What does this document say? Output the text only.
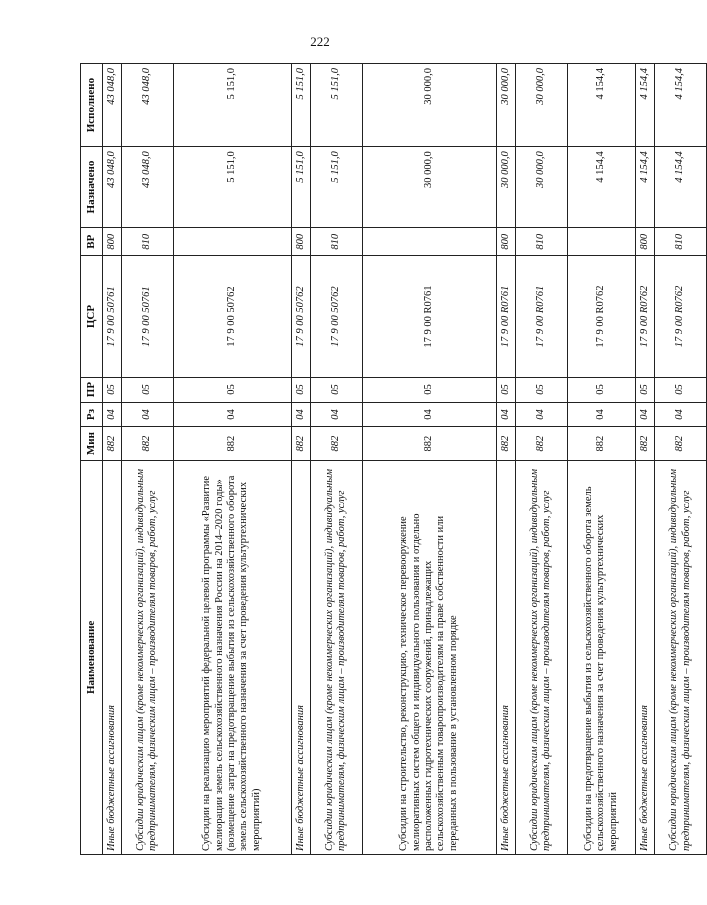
222
Наименование	Мин	Рз	ПР	ЦСР	ВР	Назначено	Исполнено
Иные бюджетные ассигнования	882	04	05	17 9 00 50761	800	43 048,0	43 048,0
Субсидии юридическим лицам (кроме некоммерческих организаций), индивидуальным предпринимателям, физическим лицам – производителям товаров, работ, услуг	882	04	05	17 9 00 50761	810	43 048,0	43 048,0
Субсидии на реализацию мероприятий федеральной целевой программы «Развитие мелиорации земель сельскохозяйственного назначения России на 2014–2020 годы» (возмещение затрат на предотвращение выбытия из сельскохозяйственного оборота земель сельскохозяйственного назначения за счет проведения культуртехнических мероприятий)	882	04	05	17 9 00 50762		5 151,0	5 151,0
Иные бюджетные ассигнования	882	04	05	17 9 00 50762	800	5 151,0	5 151,0
Субсидии юридическим лицам (кроме некоммерческих организаций), индивидуальным предпринимателям, физическим лицам – производителям товаров, работ, услуг	882	04	05	17 9 00 50762	810	5 151,0	5 151,0
Субсидии на строительство, реконструкцию, техническое перевооружение мелиоративных систем общего и индивидуального пользования и отдельно расположенных гидротехнических сооружений, принадлежащих сельскохозяйственным товаропроизводителям на праве собственности или переданных в пользование в установленном порядке	882	04	05	17 9 00 R0761		30 000,0	30 000,0
Иные бюджетные ассигнования	882	04	05	17 9 00 R0761	800	30 000,0	30 000,0
Субсидии юридическим лицам (кроме некоммерческих организаций), индивидуальным предпринимателям, физическим лицам – производителям товаров, работ, услуг	882	04	05	17 9 00 R0761	810	30 000,0	30 000,0
Субсидии на предотвращение выбытия из сельскохозяйственного оборота земель сельскохозяйственного назначения за счет проведения культуртехнических мероприятий	882	04	05	17 9 00 R0762		4 154,4	4 154,4
Иные бюджетные ассигнования	882	04	05	17 9 00 R0762	800	4 154,4	4 154,4
Субсидии юридическим лицам (кроме некоммерческих организаций), индивидуальным предпринимателям, физическим лицам – производителям товаров, работ, услуг	882	04	05	17 9 00 R0762	810	4 154,4	4 154,4
